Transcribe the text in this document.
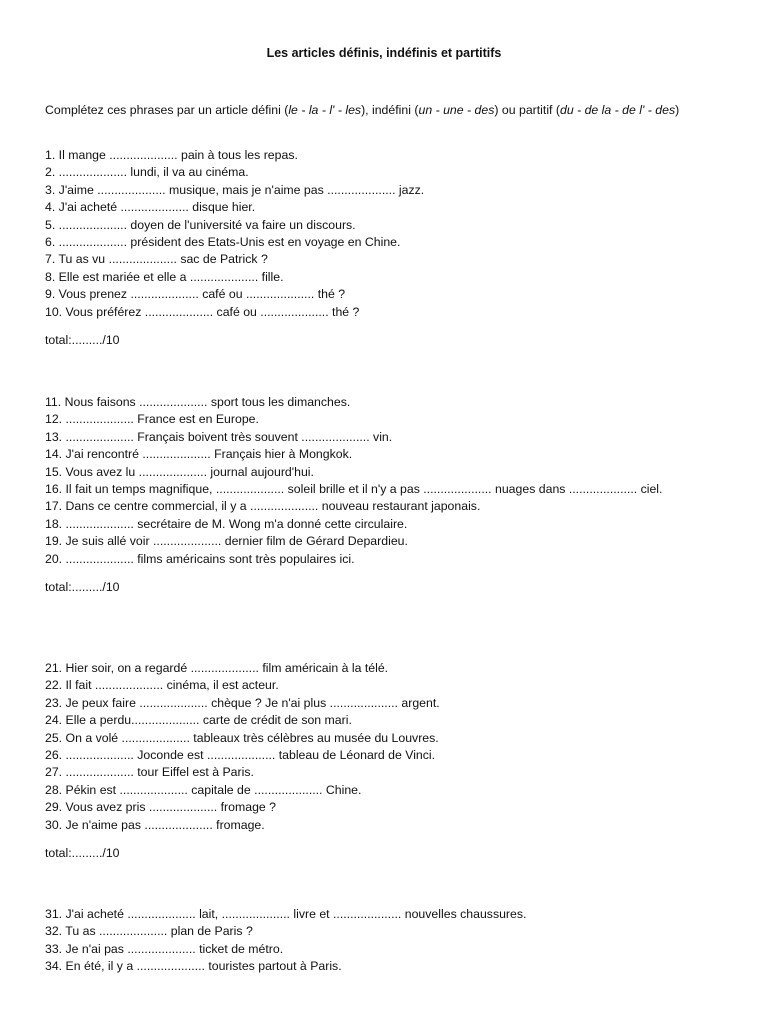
Les articles définis, indéfinis et partitifs
Complétez ces phrases par un article défini (le - la - l' - les), indéfini (un - une - des) ou partitif (du - de la - de l' - des)
1. Il mange .................... pain à tous les repas.
2. .................... lundi, il va au cinéma.
3. J'aime .................... musique, mais je n'aime pas .................... jazz.
4. J'ai acheté .................... disque hier.
5. .................... doyen de l'université va faire un discours.
6. .................... président des Etats-Unis est en voyage en Chine.
7. Tu as vu .................... sac de Patrick ?
8. Elle est mariée et elle a .................... fille.
9. Vous prenez .................... café ou .................... thé ?
10. Vous préférez .................... café ou .................... thé ?
total:........./10
11. Nous faisons .................... sport tous les dimanches.
12. .................... France est en Europe.
13. .................... Français boivent très souvent .................... vin.
14. J'ai rencontré .................... Français hier à Mongkok.
15. Vous avez lu .................... journal aujourd'hui.
16. Il fait un temps magnifique, .................... soleil brille et il n'y a pas .................... nuages dans .................... ciel.
17. Dans ce centre commercial, il y a .................... nouveau restaurant japonais.
18. .................... secrétaire de M. Wong m'a donné cette circulaire.
19. Je suis allé voir .................... dernier film de Gérard Depardieu.
20. .................... films américains sont très populaires ici.
total:........./10
21. Hier soir, on a regardé .................... film américain à la télé.
22. Il fait .................... cinéma, il est acteur.
23. Je peux faire .................... chèque ? Je n'ai plus .................... argent.
24. Elle a perdu.................... carte de crédit de son mari.
25. On a volé .................... tableaux très célèbres au musée du Louvres.
26. .................... Joconde est .................... tableau de Léonard de Vinci.
27. .................... tour Eiffel est à Paris.
28. Pékin est .................... capitale de .................... Chine.
29. Vous avez pris .................... fromage ?
30. Je n'aime pas .................... fromage.
total:........./10
31. J'ai acheté .................... lait, .................... livre et .................... nouvelles chaussures.
32. Tu as .................... plan de Paris ?
33. Je n'ai pas .................... ticket de métro.
34. En été, il y a .................... touristes partout à Paris.
